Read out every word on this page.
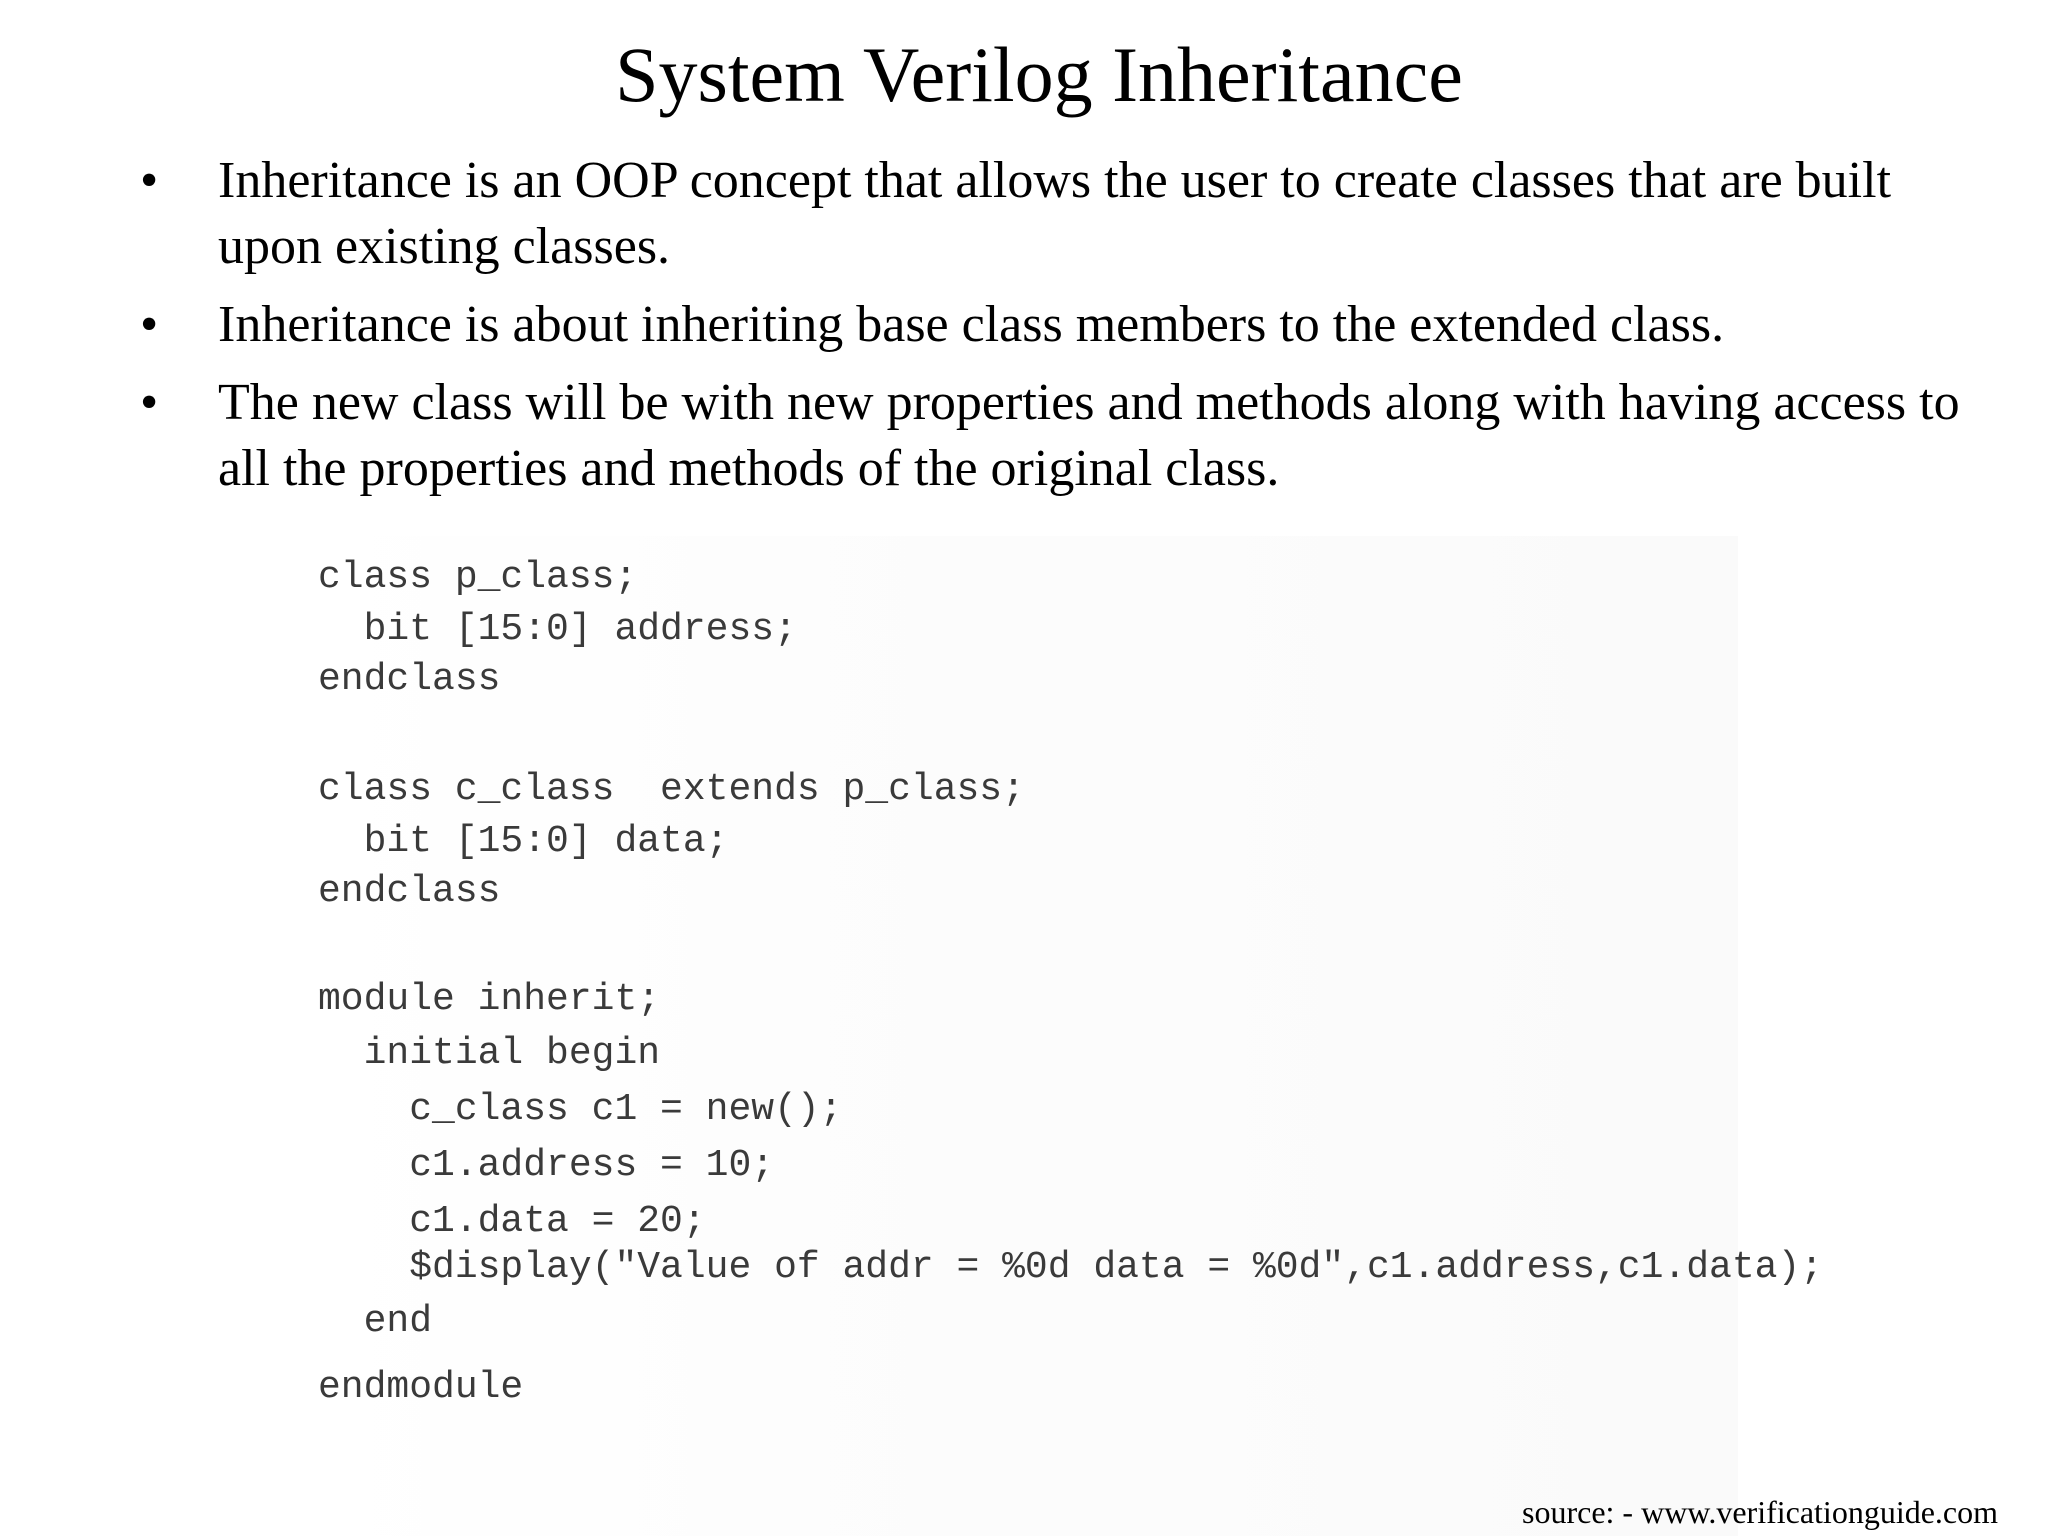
System Verilog Inheritance
•	Inheritance is an OOP concept that allows the user to create classes that are built upon existing classes.
•	Inheritance is about inheriting base class members to the extended class.
•	The new class will be with new properties and methods along with having access to all the properties and methods of the original class.
class p_class;
bit [15:0] address;
endclass
class c_class  extends p_class;
bit [15:0] data;
endclass
module inherit;
initial begin
c_class c1 = new();
c1.address = 10;
c1.data = 20;
$display("Value of addr = %0d data = %0d",c1.address,c1.data);
end
endmodule
source: - www.verificationguide.com
